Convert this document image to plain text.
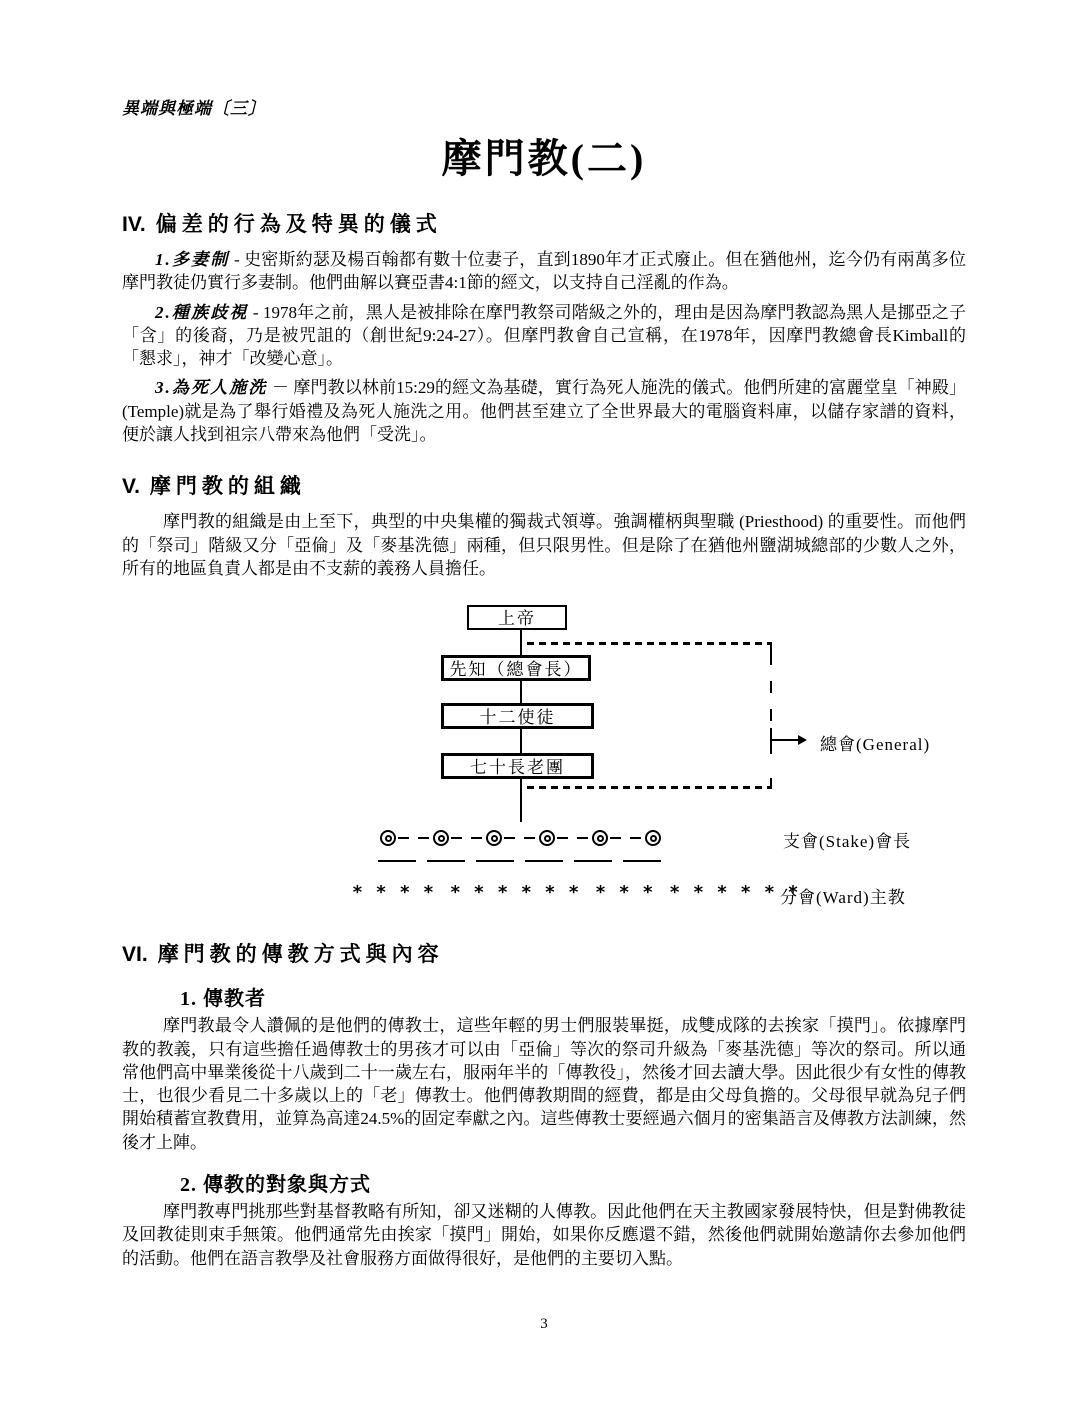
異端與極端〔三〕
摩門教(二)
IV. 偏差的行為及特異的儀式

1.多妻制 - 史密斯約瑟及楊百翰都有數十位妻子，直到1890年才正式廢止。但在猶他州，迄今仍有兩萬多位摩門教徒仍實行多妻制。他們曲解以賽亞書4:1節的經文，以支持自己淫亂的作為。

2.種族歧視 - 1978年之前，黑人是被排除在摩門教祭司階級之外的，理由是因為摩門教認為黑人是挪亞之子「含」的後裔，乃是被咒詛的（創世紀9:24-27）。但摩門教會自己宣稱，在1978年，因摩門教總會長Kimball的「懇求」，神才「改變心意」。

3.為死人施洗 － 摩門教以林前15:29的經文為基礎，實行為死人施洗的儀式。他們所建的富麗堂皇「神殿」(Temple)就是為了舉行婚禮及為死人施洗之用。他們甚至建立了全世界最大的電腦資料庫，以儲存家譜的資料，便於讓人找到祖宗八帶來為他們「受洗」。

V. 摩門教的組織

摩門教的組織是由上至下，典型的中央集權的獨裁式領導。強調權柄與聖職 (Priesthood) 的重要性。而他們的「祭司」階級又分「亞倫」及「麥基洗德」兩種，但只限男性。但是除了在猶他州鹽湖城總部的少數人之外，所有的地區負責人都是由不支薪的義務人員擔任。

上帝
先知（總會長）
十二使徒
七十長老團
總會(General)
支會(Stake)會長
* * * * * * * * * * * * * * * * * * *
分會(Ward)主教
VI. 摩門教的傳教方式與內容
1. 傳教者

摩門教最令人讚佩的是他們的傳教士，這些年輕的男士們服裝畢挺，成雙成隊的去挨家「摸門」。依據摩門教的教義，只有這些擔任過傳教士的男孩才可以由「亞倫」等次的祭司升級為「麥基洗德」等次的祭司。所以通常他們高中畢業後從十八歲到二十一歲左右，服兩年半的「傳教役」，然後才回去讀大學。因此很少有女性的傳教士，也很少看見二十多歲以上的「老」傳教士。他們傳教期間的經費，都是由父母負擔的。父母很早就為兒子們開始積蓄宣教費用，並算為高達24.5%的固定奉獻之內。這些傳教士要經過六個月的密集語言及傳教方法訓練，然後才上陣。

2. 傳教的對象與方式

摩門教專門挑那些對基督教略有所知，卻又迷糊的人傳教。因此他們在天主教國家發展特快，但是對佛教徒及回教徒則束手無策。他們通常先由挨家「摸門」開始，如果你反應還不錯，然後他們就開始邀請你去參加他們的活動。他們在語言教學及社會服務方面做得很好，是他們的主要切入點。

3
